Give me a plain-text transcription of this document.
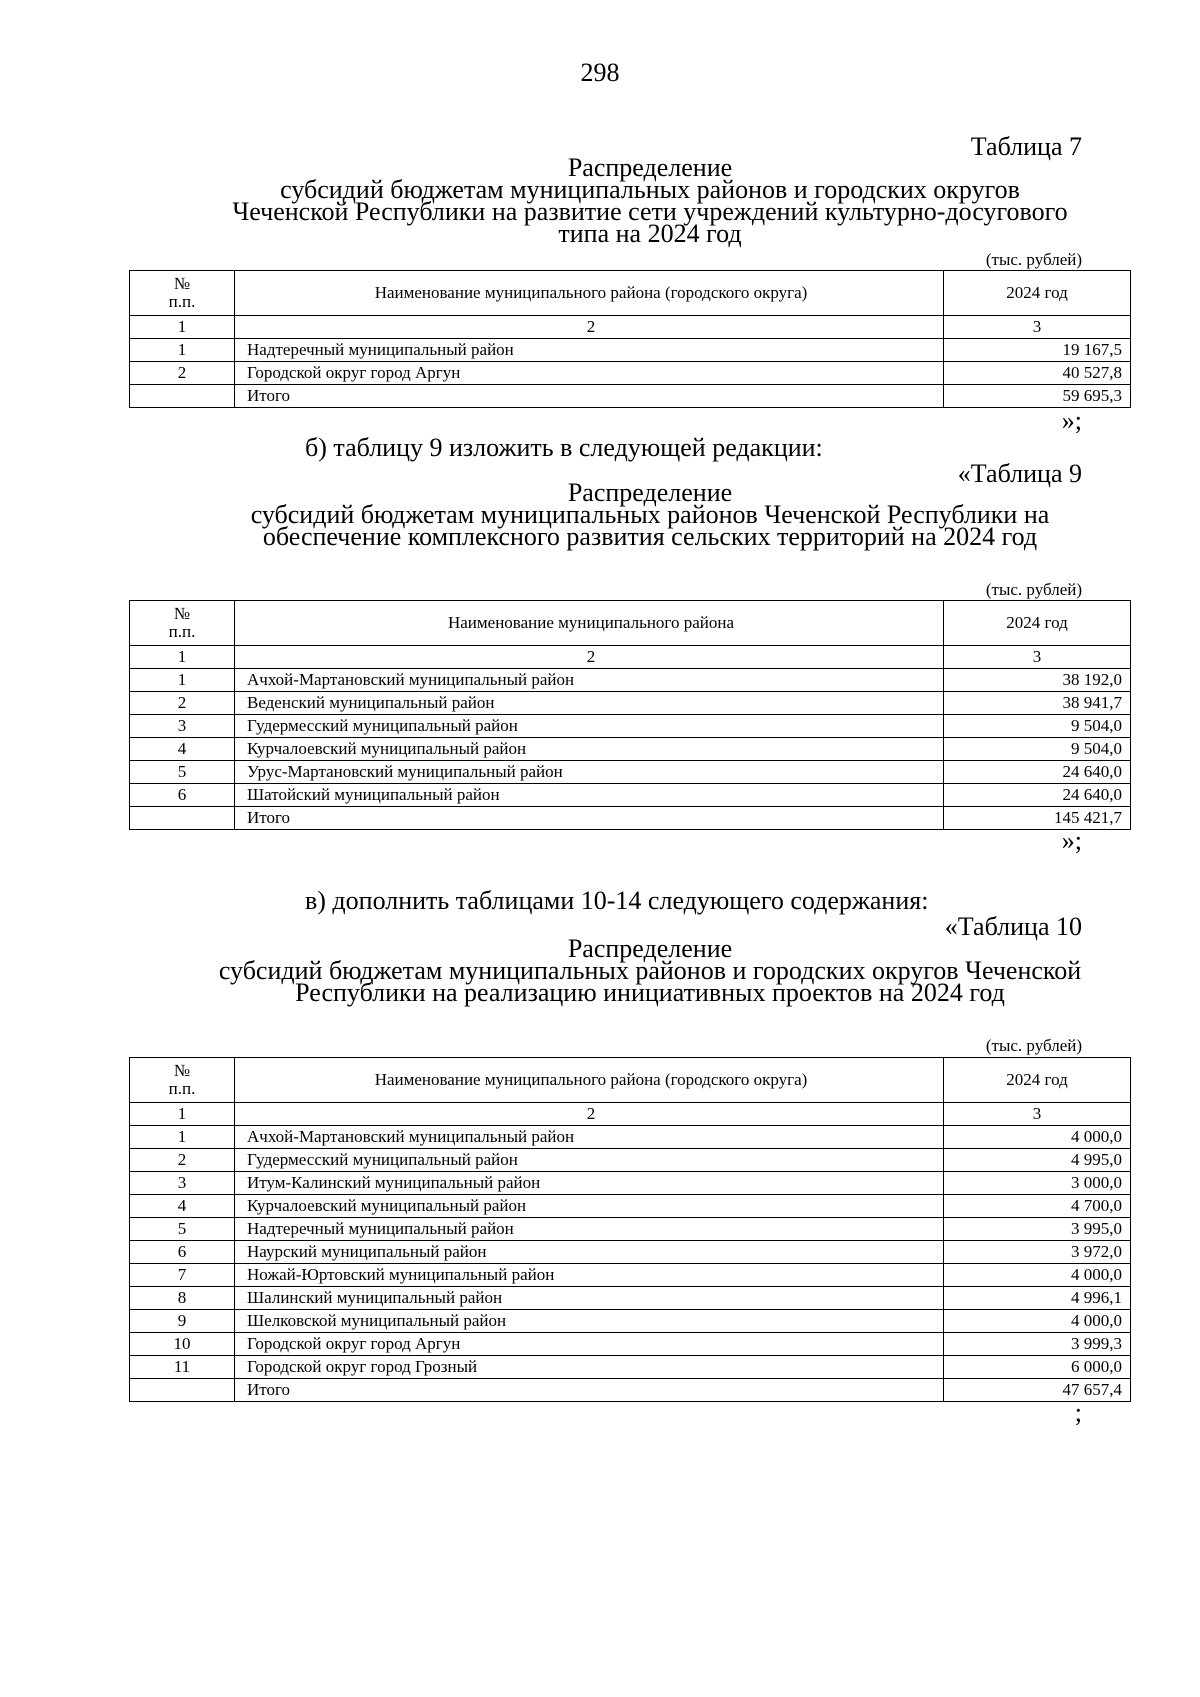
298
Таблица 7
Распределение
субсидий бюджетам муниципальных районов и городских округов
Чеченской Республики на развитие сети учреждений культурно-досугового
типа на 2024 год
(тыс. рублей)
№
п.п.	Наименование муниципального района (городского округа)	2024 год
1	2	3
1	Надтеречный муниципальный район	19 167,5
2	Городской округ город Аргун	40 527,8
	Итого	59 695,3
»;
б) таблицу 9 изложить в следующей редакции:
«Таблица 9
Распределение
субсидий бюджетам муниципальных районов Чеченской Республики на
обеспечение комплексного развития сельских территорий на 2024 год
(тыс. рублей)
№
п.п.	Наименование муниципального района	2024 год
1	2	3
1	Ачхой-Мартановский муниципальный район	38 192,0
2	Веденский муниципальный район	38 941,7
3	Гудермесский муниципальный район	9 504,0
4	Курчалоевский муниципальный район	9 504,0
5	Урус-Мартановский муниципальный район	24 640,0
6	Шатойский муниципальный район	24 640,0
	Итого	145 421,7
»;
в) дополнить таблицами 10-14 следующего содержания:
«Таблица 10
Распределение
субсидий бюджетам муниципальных районов и городских округов Чеченской
Республики на реализацию инициативных проектов на 2024 год
(тыс. рублей)
№
п.п.	Наименование муниципального района (городского округа)	2024 год
1	2	3
1	Ачхой-Мартановский муниципальный район	4 000,0
2	Гудермесский муниципальный район	4 995,0
3	Итум-Калинский муниципальный район	3 000,0
4	Курчалоевский муниципальный район	4 700,0
5	Надтеречный муниципальный район	3 995,0
6	Наурский муниципальный район	3 972,0
7	Ножай-Юртовский муниципальный район	4 000,0
8	Шалинский муниципальный район	4 996,1
9	Шелковской муниципальный район	4 000,0
10	Городской округ город Аргун	3 999,3
11	Городской округ город Грозный	6 000,0
	Итого	47 657,4
;
